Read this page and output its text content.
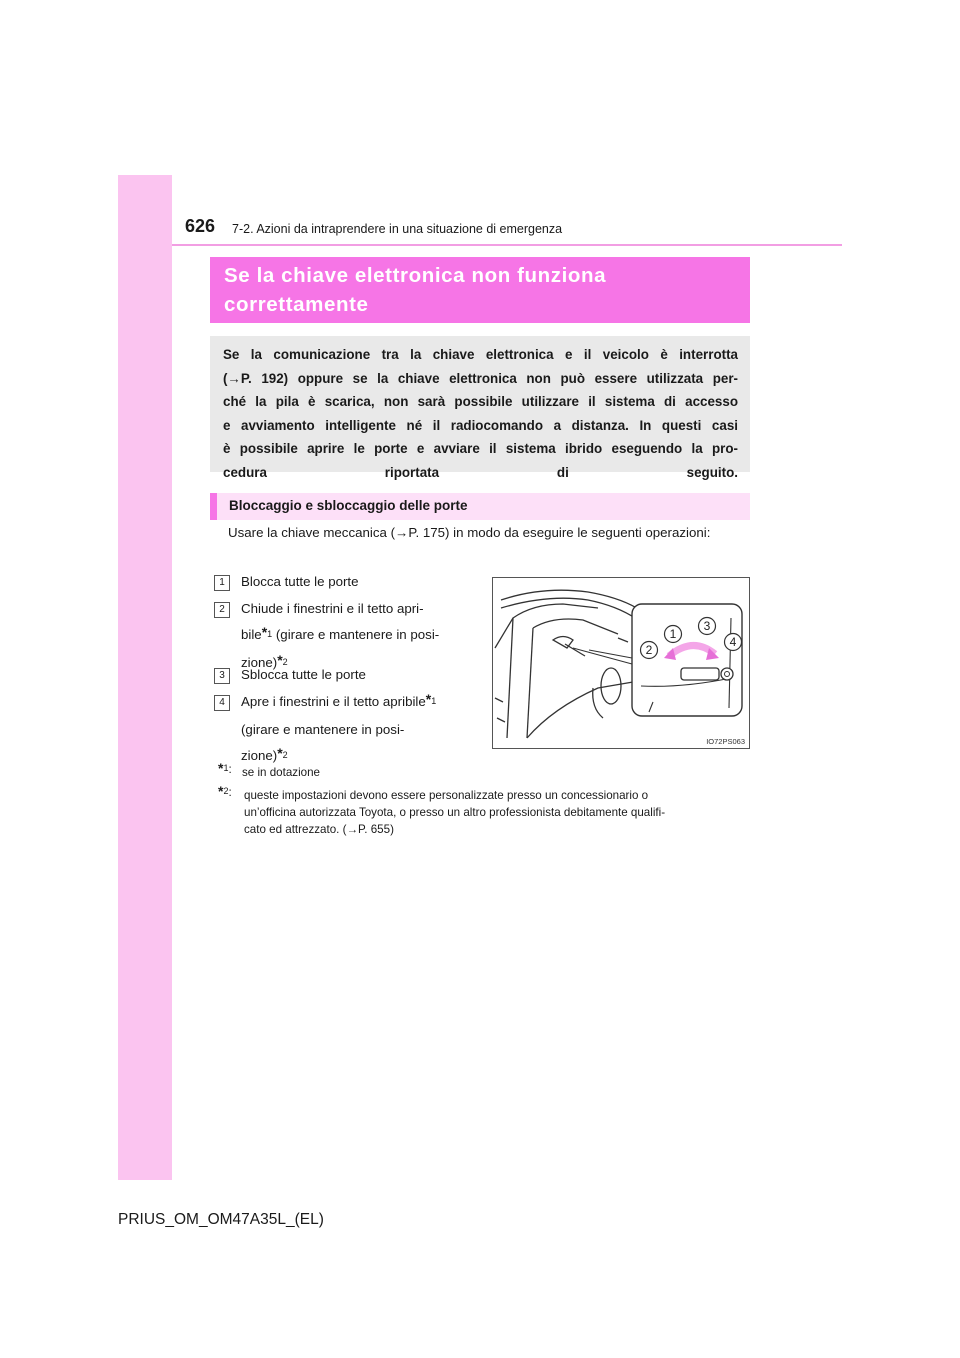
626 7-2. Azioni da intraprendere in una situazione di emergenza
Se la chiave elettronica non funziona correttamente

Se la comunicazione tra la chiave elettronica e il veicolo è interrotta
(→P. 192) oppure se la chiave elettronica non può essere utilizzata per-
ché la pila è scarica, non sarà possibile utilizzare il sistema di accesso
e avviamento intelligente né il radiocomando a distanza. In questi casi
è possibile aprire le porte e avviare il sistema ibrido eseguendo la pro-
cedura riportata di seguito.

Bloccaggio e sbloccaggio delle porte
Usare la chiave meccanica (→P. 175) in modo da eseguire le seguenti operazioni:
1	Blocca tutte le porte
2	Chiude i finestrini e il tetto apri-
bile$^{*1}$ (girare e mantenere in posi-
zione)$^{*2}$
3	Sblocca tutte le porte
4	Apre i finestrini e il tetto apribile$^{*1}$
(girare e mantenere in posi-
zione)$^{*2}$
1
2
3
4
IO72PS063
*$^1$: se in dotazione
*$^2$: queste impostazioni devono essere personalizzate presso un concessionario o
un’officina autorizzata Toyota, o presso un altro professionista debitamente qualifi-
cato ed attrezzato. (→P. 655)
PRIUS_OM_OM47A35L_(EL)
